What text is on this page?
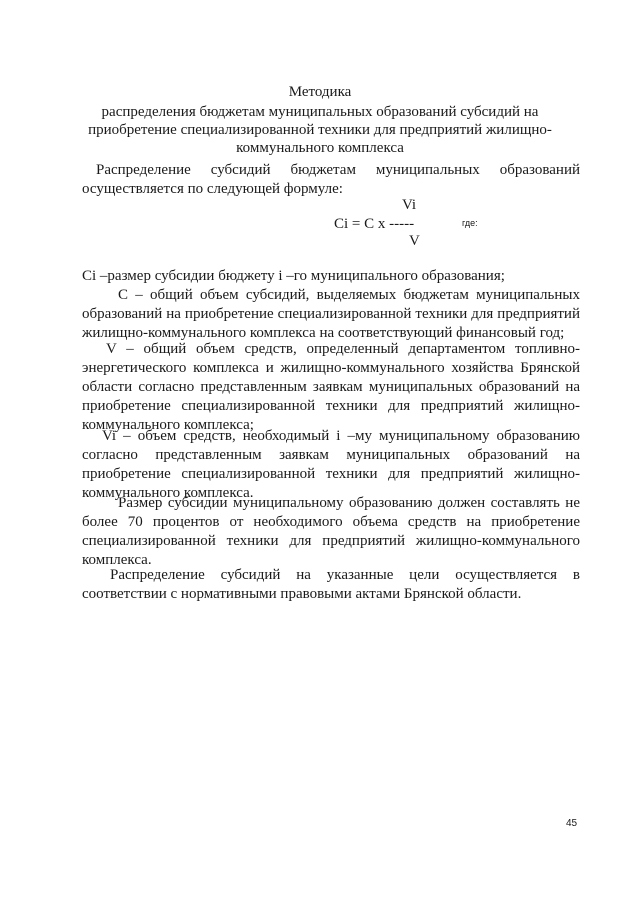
Методика
распределения бюджетам муниципальных образований субсидий на приобретение специализированной техники для предприятий жилищно-коммунального комплекса
Распределение субсидий бюджетам муниципальных образований
осуществляется по следующей формуле:
Vi
Ci = C x -----	где:
V
Ci –размер субсидии бюджету i –го муниципального образования;
С – общий объем субсидий, выделяемых бюджетам муниципальных
образований на приобретение специализированной техники для предприятий
жилищно-коммунального комплекса на соответствующий финансовый год;
V – общий объем средств, определенный департаментом топливно-
энергетического комплекса и жилищно-коммунального хозяйства Брянской
области согласно представленным заявкам муниципальных образований на
приобретение специализированной техники для предприятий жилищно-
коммунального комплекса;
Vi – объем средств, необходимый i –му муниципальному образованию
согласно представленным заявкам муниципальных образований на
приобретение специализированной техники для предприятий жилищно-
коммунального комплекса.
Размер субсидии муниципальному образованию должен составлять не
более 70 процентов от необходимого объема средств на приобретение
специализированной техники для предприятий жилищно-коммунального
комплекса.
Распределение субсидий на указанные цели осуществляется в
соответствии с нормативными правовыми актами Брянской области.
45
